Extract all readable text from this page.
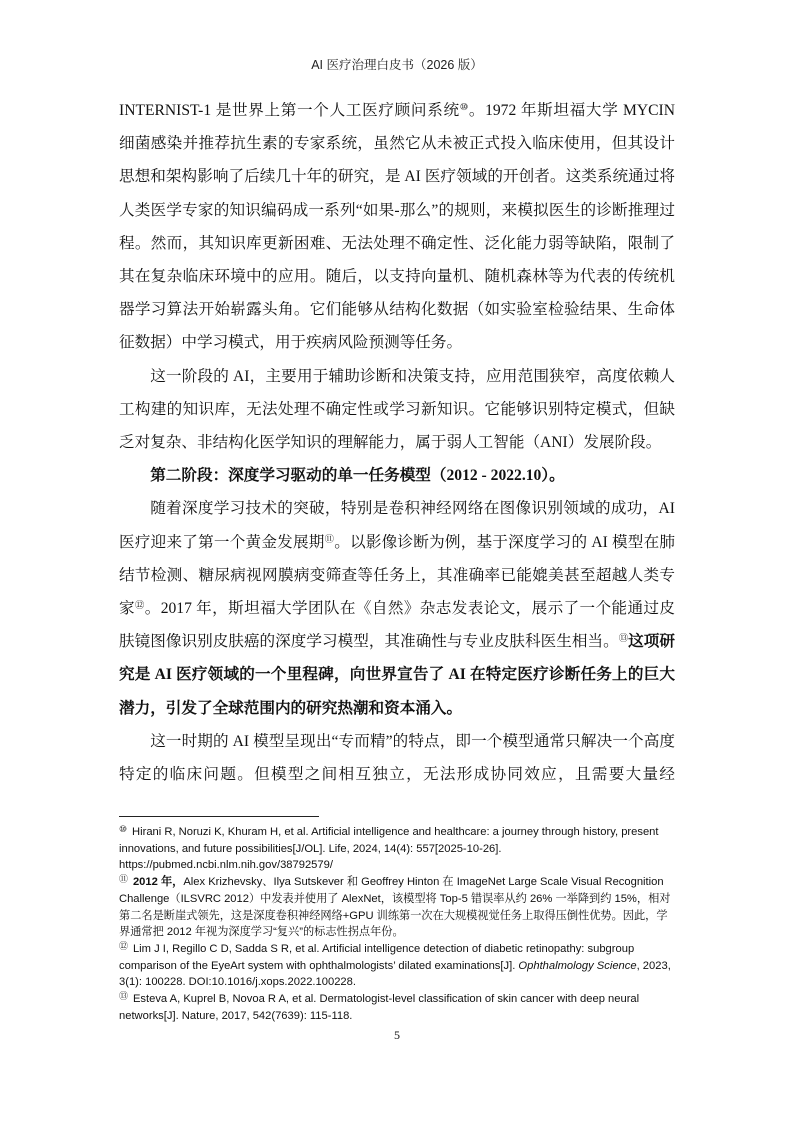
AI 医疗治理白皮书（2026 版）

INTERNIST-1 是世界上第一个人工医疗顾问系统⑩。1972 年斯坦福大学 MYCIN 细菌感染并推荐抗生素的专家系统，虽然它从未被正式投入临床使用，但其设计思想和架构影响了后续几十年的研究，是 AI 医疗领域的开创者。这类系统通过将人类医学专家的知识编码成一系列“如果-那么”的规则，来模拟医生的诊断推理过程。然而，其知识库更新困难、无法处理不确定性、泛化能力弱等缺陷，限制了其在复杂临床环境中的应用。随后，以支持向量机、随机森林等为代表的传统机器学习算法开始崭露头角。它们能够从结构化数据（如实验室检验结果、生命体征数据）中学习模式，用于疾病风险预测等任务。

这一阶段的 AI，主要用于辅助诊断和决策支持，应用范围狭窄，高度依赖人工构建的知识库，无法处理不确定性或学习新知识。它能够识别特定模式，但缺乏对复杂、非结构化医学知识的理解能力，属于弱人工智能（ANI）发展阶段。

第二阶段：深度学习驱动的单一任务模型（2012 - 2022.10）。

随着深度学习技术的突破，特别是卷积神经网络在图像识别领域的成功，AI 医疗迎来了第一个黄金发展期⑪。以影像诊断为例，基于深度学习的 AI 模型在肺结节检测、糖尿病视网膜病变筛查等任务上，其准确率已能媲美甚至超越人类专家⑫。2017 年，斯坦福大学团队在《自然》杂志发表论文，展示了一个能通过皮肤镜图像识别皮肤癌的深度学习模型，其准确性与专业皮肤科医生相当。⑬这项研究是 AI 医疗领域的一个里程碑，向世界宣告了 AI 在特定医疗诊断任务上的巨大潜力，引发了全球范围内的研究热潮和资本涌入。

这一时期的 AI 模型呈现出“专而精”的特点，即一个模型通常只解决一个高度特定的临床问题。但模型之间相互独立，无法形成协同效应，且需要大量经

⑩ Hirani R, Noruzi K, Khuram H, et al. Artificial intelligence and healthcare: a journey through history, present innovations, and future possibilities[J/OL]. Life, 2024, 14(4): 557[2025-10-26]. https://pubmed.ncbi.nlm.nih.gov/38792579/

⑪ 2012 年，Alex Krizhevsky、Ilya Sutskever 和 Geoffrey Hinton 在 ImageNet Large Scale Visual Recognition Challenge（ILSVRC 2012）中发表并使用了 AlexNet，该模型将 Top-5 错误率从约 26% 一举降到约 15%，相对第二名是断崖式领先，这是深度卷积神经网络+GPU 训练第一次在大规模视觉任务上取得压倒性优势。因此，学界通常把 2012 年视为深度学习“复兴”的标志性拐点年份。

⑫ Lim J I, Regillo C D, Sadda S R, et al. Artificial intelligence detection of diabetic retinopathy: subgroup comparison of the EyeArt system with ophthalmologists’ dilated examinations[J]. Ophthalmology Science, 2023, 3(1): 100228. DOI:10.1016/j.xops.2022.100228.

⑬ Esteva A, Kuprel B, Novoa R A, et al. Dermatologist-level classification of skin cancer with deep neural networks[J]. Nature, 2017, 542(7639): 115-118.

5
